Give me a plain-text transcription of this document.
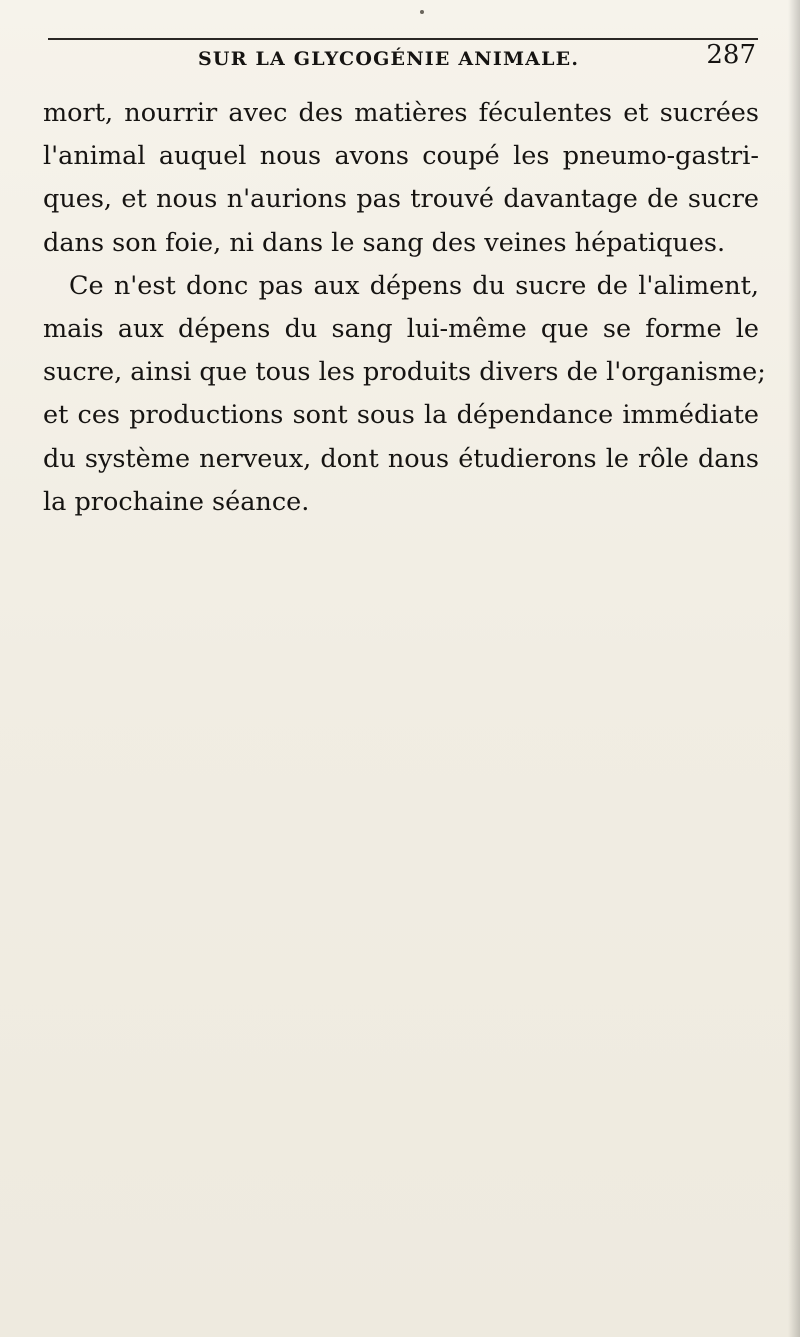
SUR LA GLYCOGÉNIE ANIMALE.	287
mort, nourrir avec des matières féculentes et sucrées
l'animal auquel nous avons coupé les pneumo-gastri-
ques, et nous n'aurions pas trouvé davantage de sucre
dans son foie, ni dans le sang des veines hépatiques.
Ce n'est donc pas aux dépens du sucre de l'aliment,
mais aux dépens du sang lui-même que se forme le
sucre, ainsi que tous les produits divers de l'organisme;
et ces productions sont sous la dépendance immédiate
du système nerveux, dont nous étudierons le rôle dans
la prochaine séance.
